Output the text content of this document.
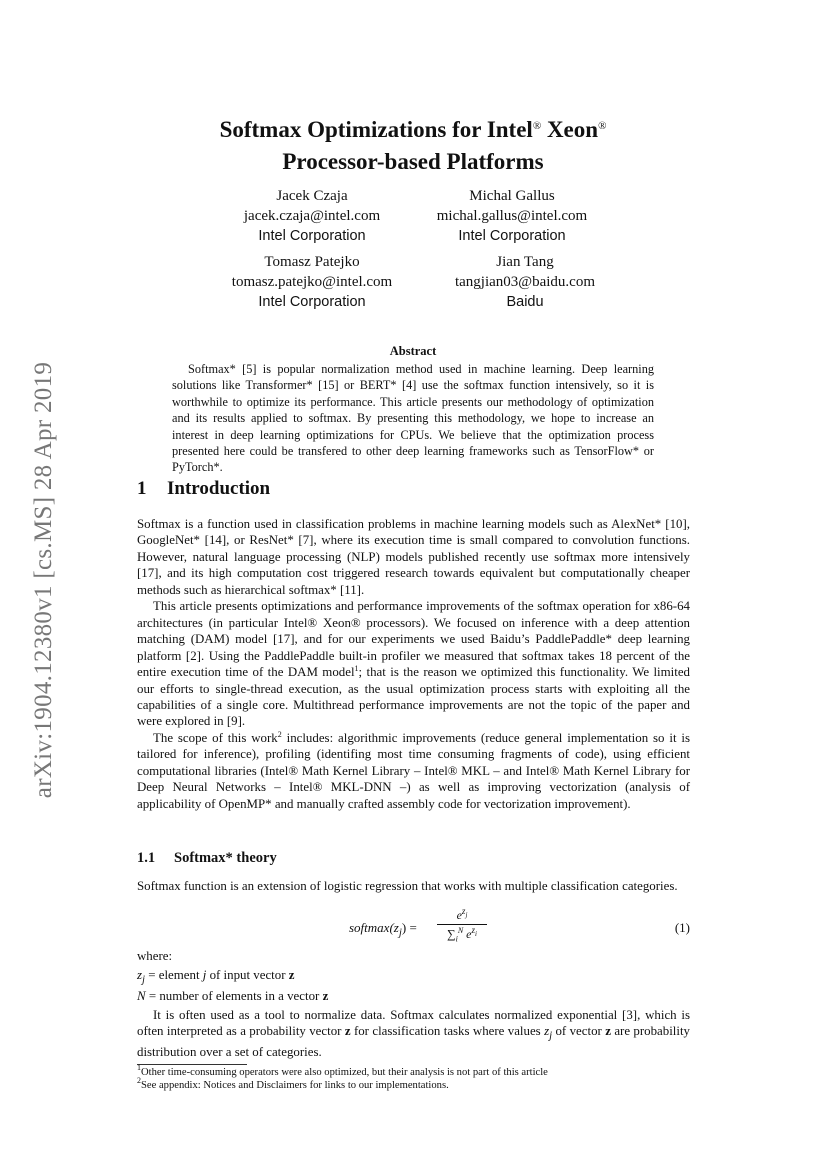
arXiv:1904.12380v1 [cs.MS] 28 Apr 2019
Softmax Optimizations for Intel® Xeon®
Processor-based Platforms
Jacek Czaja
jacek.czaja@intel.com
Intel Corporation
Michal Gallus
michal.gallus@intel.com
Intel Corporation
Tomasz Patejko
tomasz.patejko@intel.com
Intel Corporation
Jian Tang
tangjian03@baidu.com
Baidu
Abstract

Softmax* [5] is popular normalization method used in machine learning. Deep learning solutions like Transformer* [15] or BERT* [4] use the softmax function intensively, so it is worthwhile to optimize its performance. This article presents our methodology of optimization and its results applied to softmax. By presenting this methodology, we hope to increase an interest in deep learning optimizations for CPUs. We believe that the optimization process presented here could be transfered to other deep learning frameworks such as TensorFlow* or PyTorch*.

1 Introduction

Softmax is a function used in classification problems in machine learning models such as AlexNet* [10], GoogleNet* [14], or ResNet* [7], where its execution time is small compared to convolution functions. However, natural language processing (NLP) models published recently use softmax more intensively [17], and its high computation cost triggered research towards equivalent but computationally cheaper methods such as hierarchical softmax* [11].

This article presents optimizations and performance improvements of the softmax operation for x86-64 architectures (in particular Intel® Xeon® processors). We focused on inference with a deep attention matching (DAM) model [17], and for our experiments we used Baidu’s PaddlePaddle* deep learning platform [2]. Using the PaddlePaddle built-in profiler we measured that softmax takes 18 percent of the entire execution time of the DAM model$^1$; that is the reason we optimized this functionality. We limited our efforts to single-thread execution, as the usual optimization process starts with exploiting all the capabilities of a single core. Multithread performance improvements are not the topic of the paper and were explored in [9].

The scope of this work$^2$ includes: algorithmic improvements (reduce general implementation so it is tailored for inference), profiling (identifing most time consuming fragments of code), using efficient computational libraries (Intel® Math Kernel Library – Intel® MKL – and Intel® Math Kernel Library for Deep Neural Networks – Intel® MKL-DNN –) as well as improving vectorization (analysis of applicability of OpenMP* and manually crafted assembly code for vectorization improvement).

1.1 Softmax* theory

Softmax function is an extension of logistic regression that works with multiple classification categories.

$softmax(z_j)$ =
$e^{z_j}$
$\sum_i^N$ $e^{z_i}$	(1)

where:

$z_j$ = element j of input vector z
N = number of elements in a vector z

It is often used as a tool to normalize data. Softmax calculates normalized exponential [3], which is often interpreted as a probability vector z for classification tasks where values $z_j$ of vector z are probability distribution over a set of categories.

$^1$Other time-consuming operators were also optimized, but their analysis is not part of this article

$^2$See appendix: Notices and Disclaimers for links to our implementations.
